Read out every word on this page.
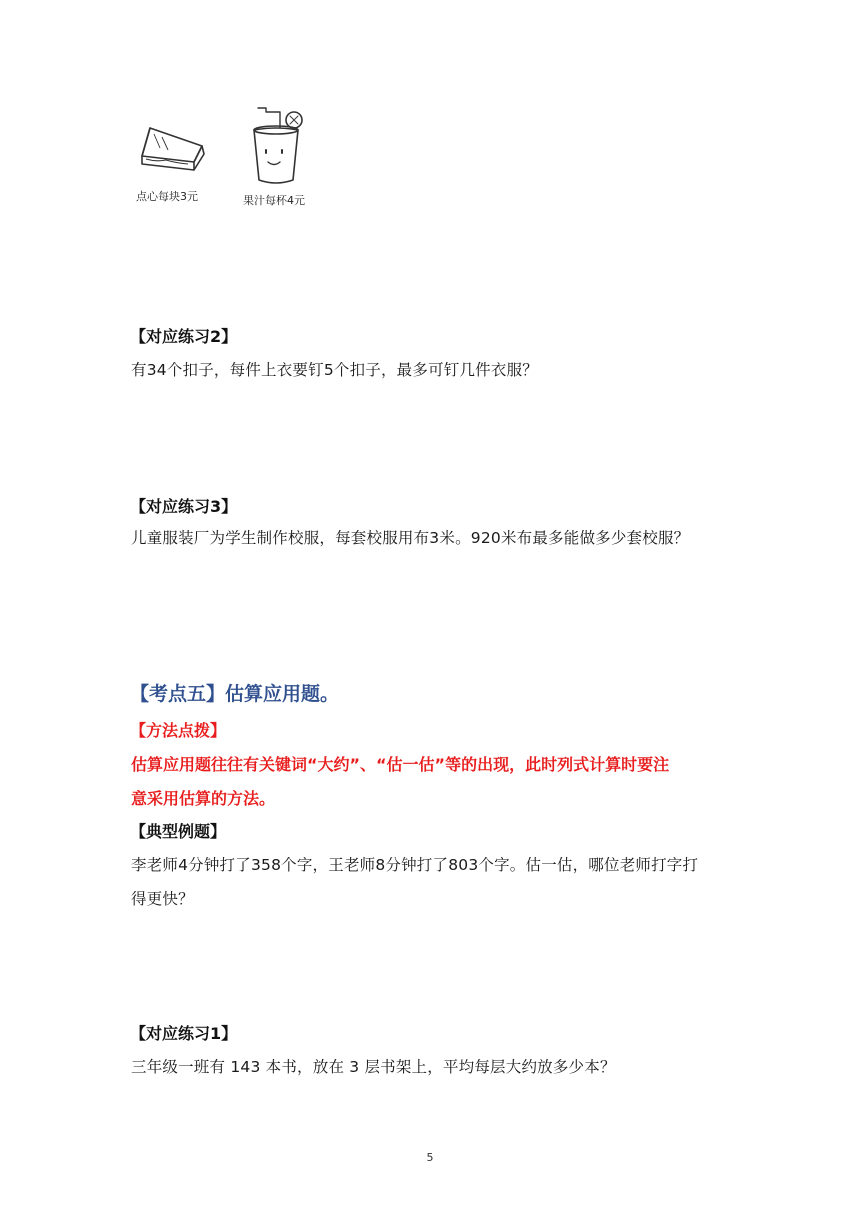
点心每块3元	果汁每杯4元
【对应练习2】
有34个扣子，每件上衣要钉5个扣子，最多可钉几件衣服？
【对应练习3】
儿童服装厂为学生制作校服，每套校服用布3米。920米布最多能做多少套校服？
【考点五】估算应用题。
【方法点拨】
估算应用题往往有关键词“大约”、“估一估”等的出现，此时列式计算时要注
意采用估算的方法。
【典型例题】
李老师4分钟打了358个字，王老师8分钟打了803个字。估一估，哪位老师打字打
得更快？
【对应练习1】
三年级一班有 143 本书，放在 3 层书架上，平均每层大约放多少本？
5
